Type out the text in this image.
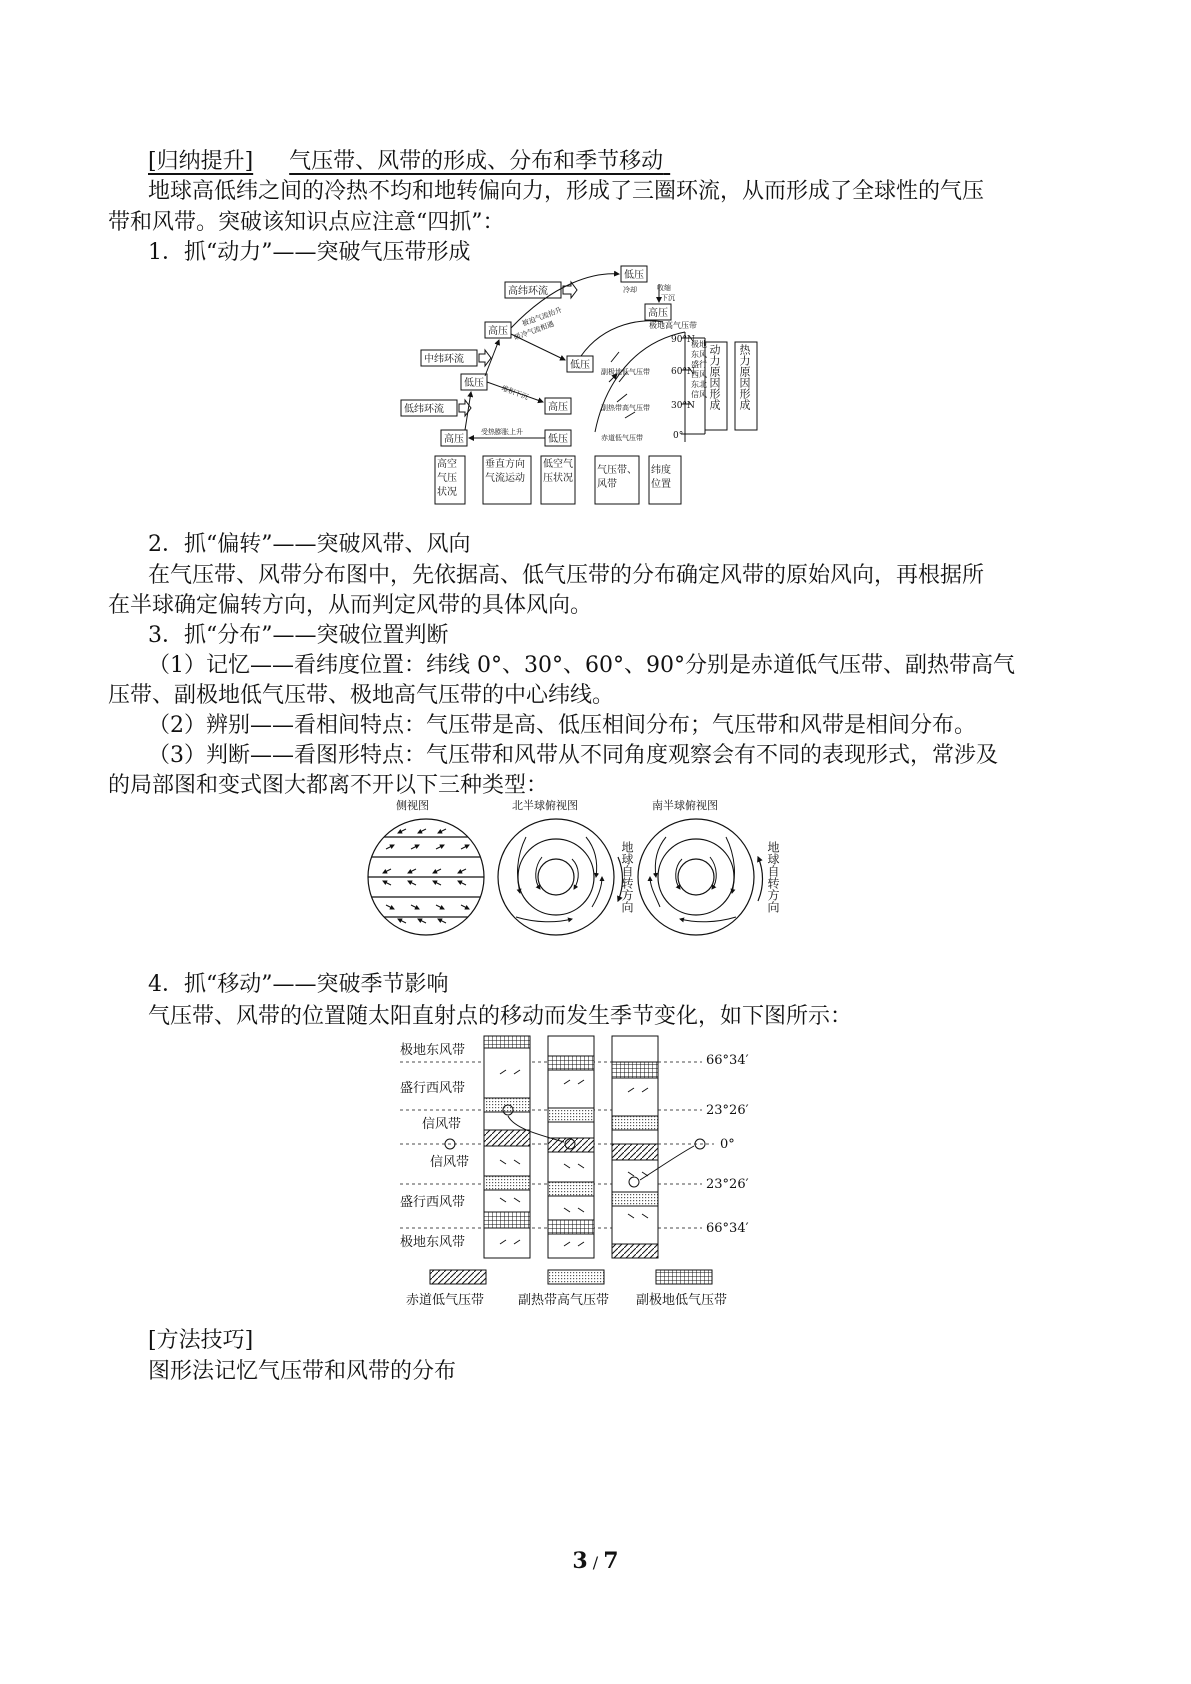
[归纳提升] 气压带、风带的形成、分布和季节移动
地球高低纬之间的冷热不均和地转偏向力，形成了三圈环流，从而形成了全球性的气压
带和风带。突破该知识点应注意“四抓”：
1．抓“动力”——突破气压带形成
低压
高压
高压
低压
低压
高压
高压	低压
高纬环流
中纬环流
低纬环流
极地高气压带
副极地低气压带
副热带高气压带
赤道低气压带
90°N
60°N
30°N
0°
冷却	收缩
下沉
被迫气流抬升
暖冷气流相遇
堆积下沉
受热膨胀上升
动力原因形成 热力原因形成
极地东风 盛行西风 东北信风
高空气压状况
垂直方向气流运动
低空气压状况
气压带、风带
纬度位置
2．抓“偏转”——突破风带、风向
在气压带、风带分布图中，先依据高、低气压带的分布确定风带的原始风向，再根据所
在半球确定偏转方向，从而判定风带的具体风向。
3．抓“分布”——突破位置判断
（1）记忆——看纬度位置：纬线 0°、30°、60°、90°分别是赤道低气压带、副热带高气
压带、副极地低气压带、极地高气压带的中心纬线。
（2）辨别——看相间特点：气压带是高、低压相间分布；气压带和风带是相间分布。
（3）判断——看图形特点：气压带和风带从不同角度观察会有不同的表现形式，常涉及
的局部图和变式图大都离不开以下三种类型：
侧视图	北半球俯视图	南半球俯视图
地球自转方向	地球自转方向
4．抓“移动”——突破季节影响
气压带、风带的位置随太阳直射点的移动而发生季节变化，如下图所示：
极地东风带
盛行西风带
信风带
信风带
盛行西风带
极地东风带
66°34′
23°26′
0°
23°26′
66°34′
赤道低气压带	副热带高气压带 副极地低气压带
[方法技巧]
图形法记忆气压带和风带的分布
3 / 7
